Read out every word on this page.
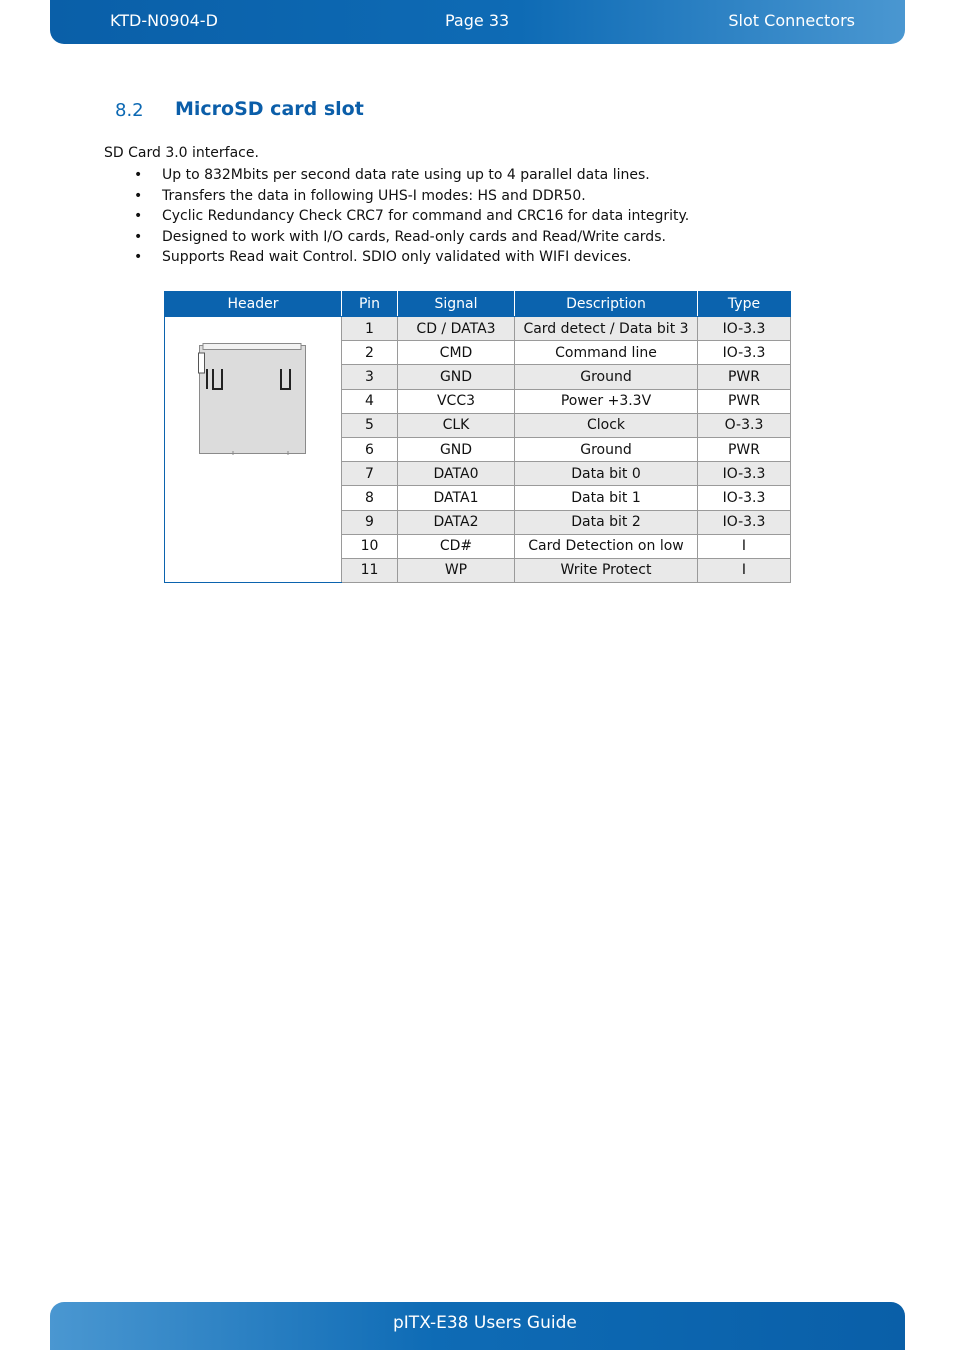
KTD-N0904-D	Page 33	Slot Connectors
8.2 MicroSD card slot
SD Card 3.0 interface.
• Up to 832Mbits per second data rate using up to 4 parallel data lines.
• Transfers the data in following UHS-I modes: HS and DDR50.
• Cyclic Redundancy Check CRC7 for command and CRC16 for data integrity.
• Designed to work with I/O cards, Read-only cards and Read/Write cards.
• Supports Read wait Control. SDIO only validated with WIFI devices.
Header	Pin	Signal	Description	Type

	1	CD / DATA3	Card detect / Data bit 3	IO-3.3
	2	CMD	Command line	IO-3.3
	3	GND	Ground	PWR
	4	VCC3	Power +3.3V	PWR
	5	CLK	Clock	O-3.3
	6	GND	Ground	PWR
	7	DATA0	Data bit 0	IO-3.3
	8	DATA1	Data bit 1	IO-3.3
	9	DATA2	Data bit 2	IO-3.3
	10	CD#	Card Detection on low	I
	11	WP	Write Protect	I
pITX-E38 Users Guide
